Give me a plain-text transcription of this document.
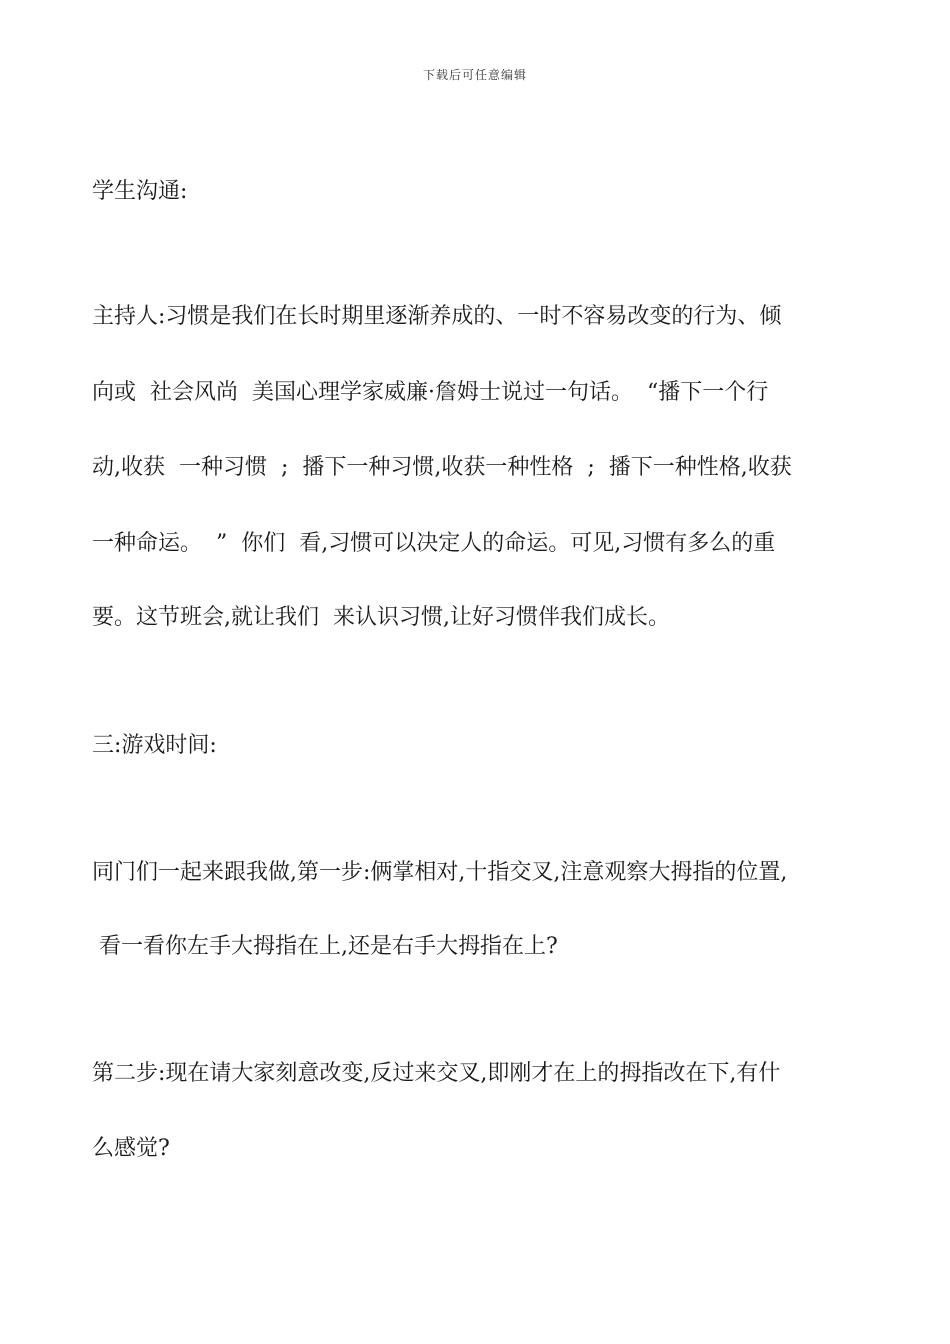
下载后可任意编辑
学生沟通:
主持人:习惯是我们在长时期里逐渐养成的、一时不容易改变的行为、倾
向或  社会风尚  美国心理学家威廉·詹姆士说过一句话。  “播下一个行
动,收获  一种习惯  ;  播下一种习惯,收获一种性格  ;  播下一种性格,收获
一种命运。  ”  你们  看,习惯可以决定人的命运。可见,习惯有多么的重
要。这节班会,就让我们  来认识习惯,让好习惯伴我们成长。
三:游戏时间:
同门们一起来跟我做,第一步:俩掌相对,十指交叉,注意观察大拇指的位置,
看一看你左手大拇指在上,还是右手大拇指在上?
第二步:现在请大家刻意改变,反过来交叉,即刚才在上的拇指改在下,有什
么感觉?
